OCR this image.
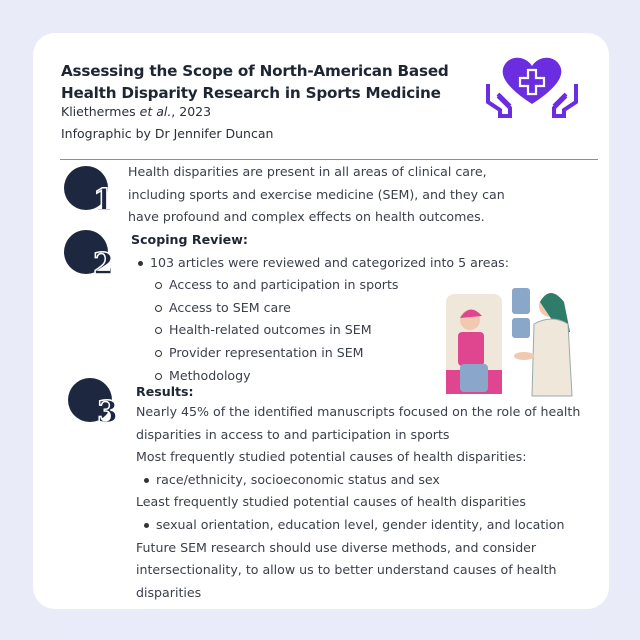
Assessing the Scope of North-American Based
Health Disparity Research in Sports Medicine
Kliethermes et al., 2023
Infographic by Dr Jennifer Duncan
1
Health disparities are present in all areas of clinical care,
including sports and exercise medicine (SEM), and they can
have profound and complex effects on health outcomes.
2
Scoping Review:
103 articles were reviewed and categorized into 5 areas:
Access to and participation in sports
Access to SEM care
Health-related outcomes in SEM
Provider representation in SEM
Methodology
3
Results:
Nearly 45% of the identified manuscripts focused on the role of health disparities in access to and participation in sports
Most frequently studied potential causes of health disparities:
race/ethnicity, socioeconomic status and sex
Least frequently studied potential causes of health disparities
sexual orientation, education level, gender identity, and location
Future SEM research should use diverse methods, and consider intersectionality, to allow us to better understand causes of health disparities
